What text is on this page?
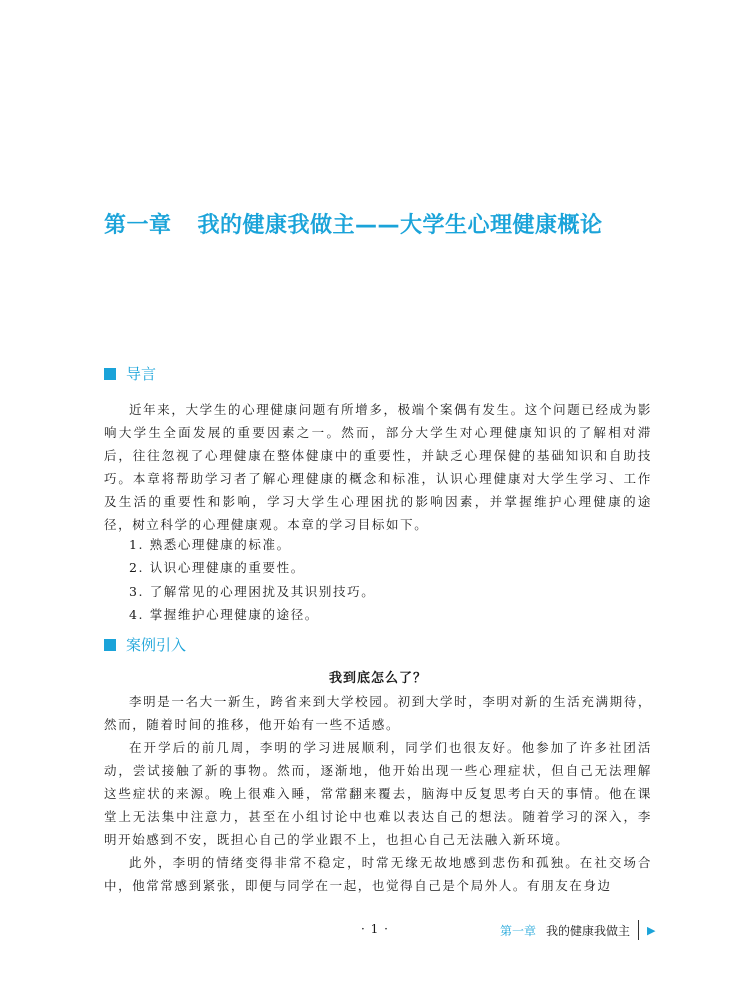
第一章 我的健康我做主——大学生心理健康概论
导言

近年来，大学生的心理健康问题有所增多，极端个案偶有发生。这个问题已经成为影响大学生全面发展的重要因素之一。然而，部分大学生对心理健康知识的了解相对滞后，往往忽视了心理健康在整体健康中的重要性，并缺乏心理保健的基础知识和自助技巧。本章将帮助学习者了解心理健康的概念和标准，认识心理健康对大学生学习、工作及生活的重要性和影响，学习大学生心理困扰的影响因素，并掌握维护心理健康的途径，树立科学的心理健康观。本章的学习目标如下。

1. 熟悉心理健康的标准。
2. 认识心理健康的重要性。
3. 了解常见的心理困扰及其识别技巧。
4. 掌握维护心理健康的途径。
案例引入
我到底怎么了？

李明是一名大一新生，跨省来到大学校园。初到大学时，李明对新的生活充满期待，然而，随着时间的推移，他开始有一些不适感。

在开学后的前几周，李明的学习进展顺利，同学们也很友好。他参加了许多社团活动，尝试接触了新的事物。然而，逐渐地，他开始出现一些心理症状，但自己无法理解这些症状的来源。晚上很难入睡，常常翻来覆去，脑海中反复思考白天的事情。他在课堂上无法集中注意力，甚至在小组讨论中也难以表达自己的想法。随着学习的深入，李明开始感到不安，既担心自己的学业跟不上，也担心自己无法融入新环境。

此外，李明的情绪变得非常不稳定，时常无缘无故地感到悲伤和孤独。在社交场合中，他常常感到紧张，即便与同学在一起，也觉得自己是个局外人。有朋友在身边

· 1 ·	第一章 我的健康我做主 ▶
